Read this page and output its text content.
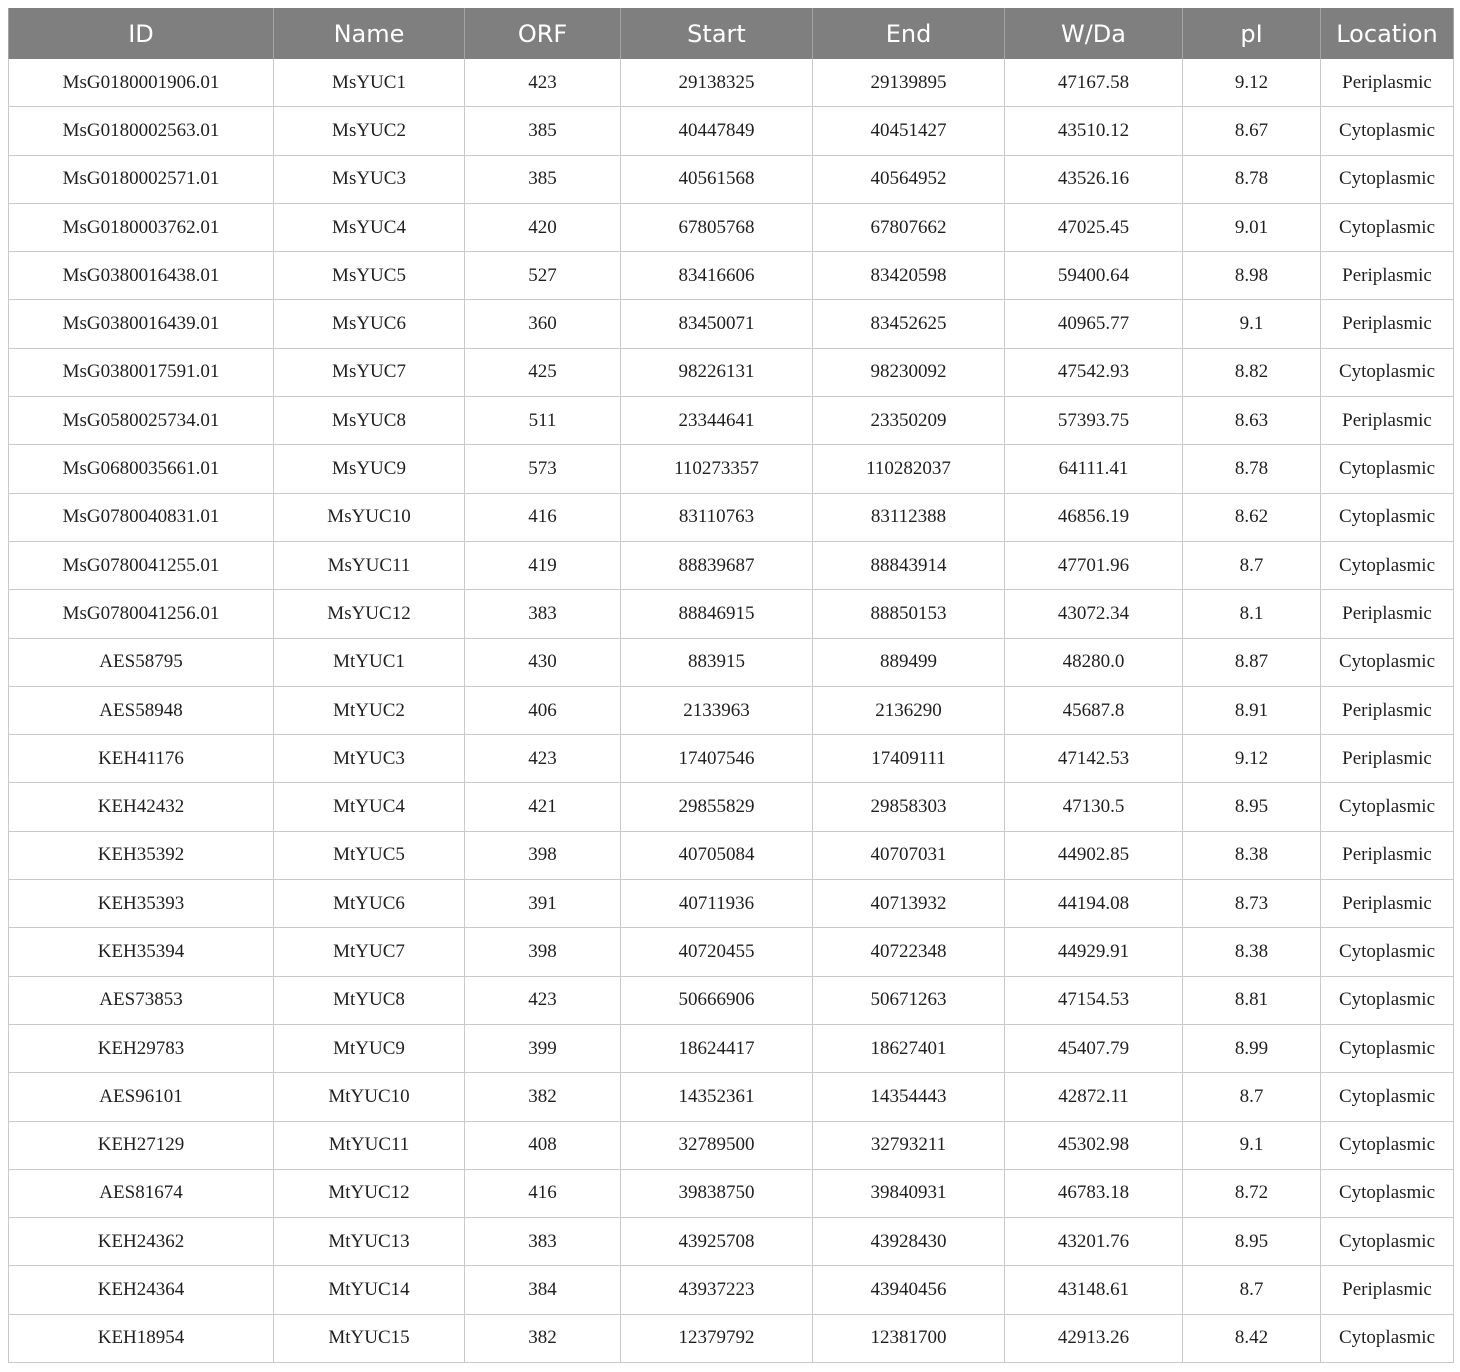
ID	Name	ORF	Start	End	W/Da	pI	Location
MsG0180001906.01	MsYUC1	423	29138325	29139895	47167.58	9.12	Periplasmic
MsG0180002563.01	MsYUC2	385	40447849	40451427	43510.12	8.67	Cytoplasmic
MsG0180002571.01	MsYUC3	385	40561568	40564952	43526.16	8.78	Cytoplasmic
MsG0180003762.01	MsYUC4	420	67805768	67807662	47025.45	9.01	Cytoplasmic
MsG0380016438.01	MsYUC5	527	83416606	83420598	59400.64	8.98	Periplasmic
MsG0380016439.01	MsYUC6	360	83450071	83452625	40965.77	9.1	Periplasmic
MsG0380017591.01	MsYUC7	425	98226131	98230092	47542.93	8.82	Cytoplasmic
MsG0580025734.01	MsYUC8	511	23344641	23350209	57393.75	8.63	Periplasmic
MsG0680035661.01	MsYUC9	573	110273357	110282037	64111.41	8.78	Cytoplasmic
MsG0780040831.01	MsYUC10	416	83110763	83112388	46856.19	8.62	Cytoplasmic
MsG0780041255.01	MsYUC11	419	88839687	88843914	47701.96	8.7	Cytoplasmic
MsG0780041256.01	MsYUC12	383	88846915	88850153	43072.34	8.1	Periplasmic
AES58795	MtYUC1	430	883915	889499	48280.0	8.87	Cytoplasmic
AES58948	MtYUC2	406	2133963	2136290	45687.8	8.91	Periplasmic
KEH41176	MtYUC3	423	17407546	17409111	47142.53	9.12	Periplasmic
KEH42432	MtYUC4	421	29855829	29858303	47130.5	8.95	Cytoplasmic
KEH35392	MtYUC5	398	40705084	40707031	44902.85	8.38	Periplasmic
KEH35393	MtYUC6	391	40711936	40713932	44194.08	8.73	Periplasmic
KEH35394	MtYUC7	398	40720455	40722348	44929.91	8.38	Cytoplasmic
AES73853	MtYUC8	423	50666906	50671263	47154.53	8.81	Cytoplasmic
KEH29783	MtYUC9	399	18624417	18627401	45407.79	8.99	Cytoplasmic
AES96101	MtYUC10	382	14352361	14354443	42872.11	8.7	Cytoplasmic
KEH27129	MtYUC11	408	32789500	32793211	45302.98	9.1	Cytoplasmic
AES81674	MtYUC12	416	39838750	39840931	46783.18	8.72	Cytoplasmic
KEH24362	MtYUC13	383	43925708	43928430	43201.76	8.95	Cytoplasmic
KEH24364	MtYUC14	384	43937223	43940456	43148.61	8.7	Periplasmic
KEH18954	MtYUC15	382	12379792	12381700	42913.26	8.42	Cytoplasmic
